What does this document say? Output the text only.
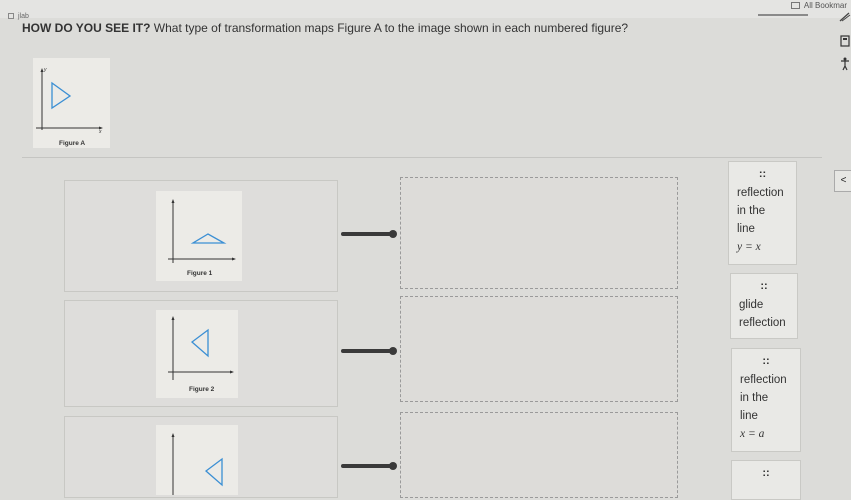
jlab
All Bookmar
<
HOW DO YOU SEE IT? What type of transformation maps Figure A to the image shown in each numbered figure?
y
x
Figure A
Figure 1
Figure 2
::
reflection
in the
line
y = x
::
glide
reflection
::
reflection
in the
line
x = a
::
